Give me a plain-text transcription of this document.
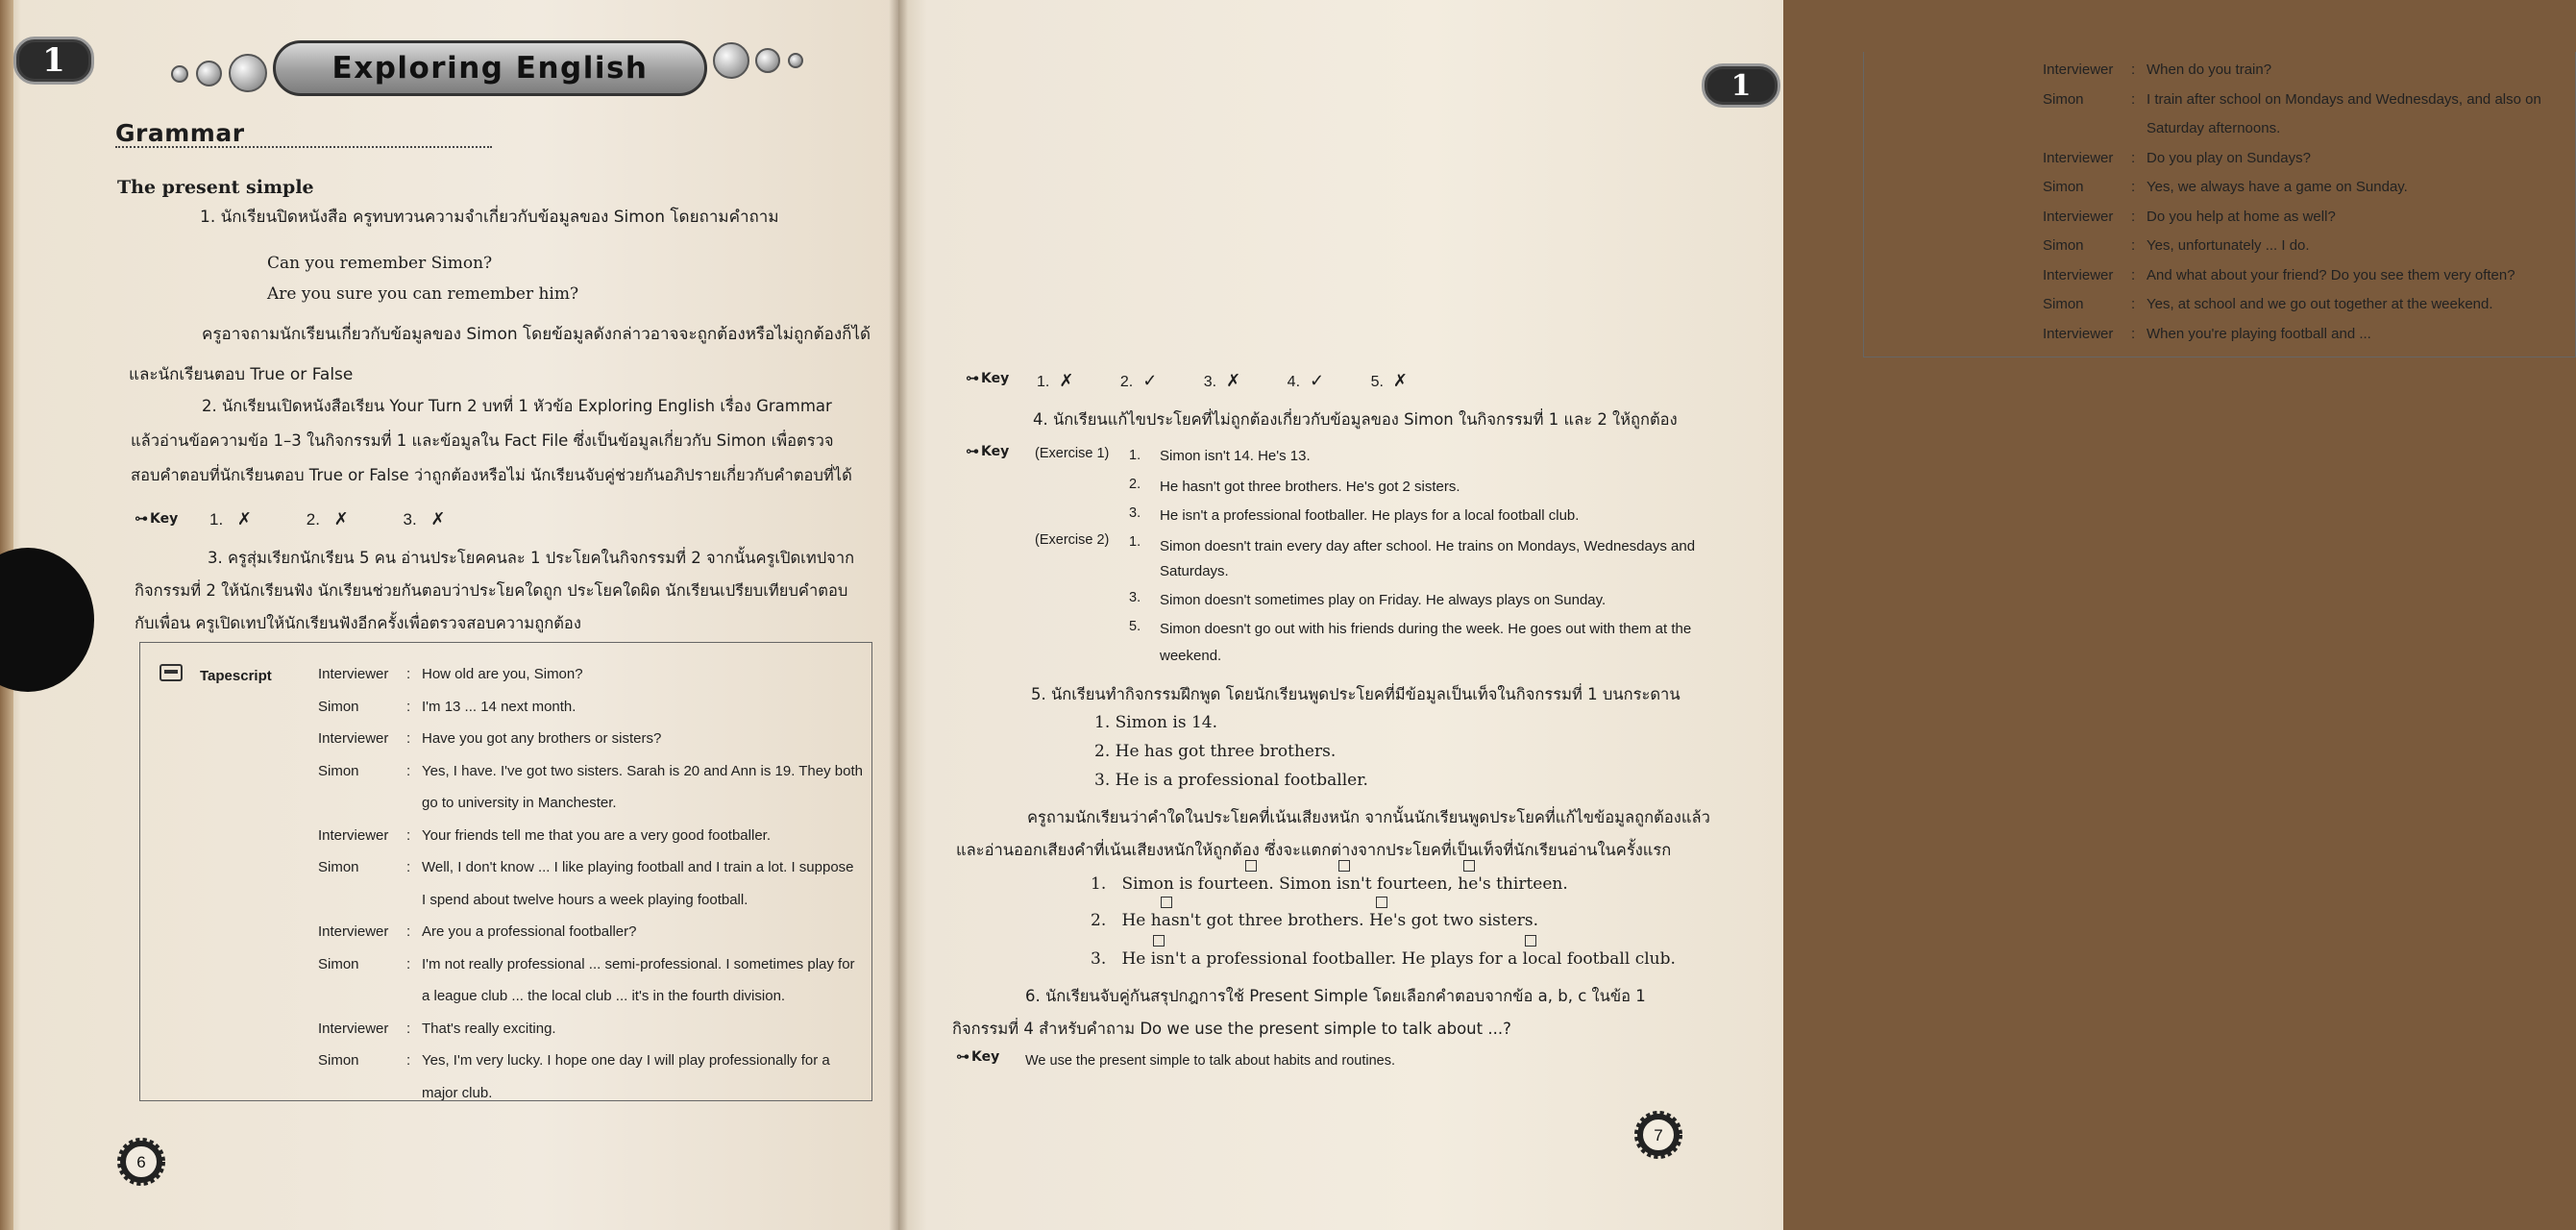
1	Exploring English
Grammar
The present simple
1. นักเรียนปิดหนังสือ ครูทบทวนความจำเกี่ยวกับข้อมูลของ Simon โดยถามคำถาม
Can you remember Simon?
Are you sure you can remember him?
ครูอาจถามนักเรียนเกี่ยวกับข้อมูลของ Simon โดยข้อมูลดังกล่าวอาจจะถูกต้องหรือไม่ถูกต้องก็ได้
และนักเรียนตอบ True or False
2. นักเรียนเปิดหนังสือเรียน Your Turn 2 บทที่ 1 หัวข้อ Exploring English เรื่อง Grammar
แล้วอ่านข้อความข้อ 1–3 ในกิจกรรมที่ 1 และข้อมูลใน Fact File ซึ่งเป็นข้อมูลเกี่ยวกับ Simon เพื่อตรวจ
สอบคำตอบที่นักเรียนตอบ True or False ว่าถูกต้องหรือไม่ นักเรียนจับคู่ช่วยกันอภิปรายเกี่ยวกับคำตอบที่ได้
⊶ Key 1. ✗	2. ✗	3. ✗
3. ครูสุ่มเรียกนักเรียน 5 คน อ่านประโยคคนละ 1 ประโยคในกิจกรรมที่ 2 จากนั้นครูเปิดเทปจาก
กิจกรรมที่ 2 ให้นักเรียนฟัง นักเรียนช่วยกันตอบว่าประโยคใดถูก ประโยคใดผิด นักเรียนเปรียบเทียบคำตอบ
กับเพื่อน ครูเปิดเทปให้นักเรียนฟังอีกครั้งเพื่อตรวจสอบความถูกต้อง
Tapescript	Interviewer	: How old are you, Simon?
Simon	: I'm 13 ... 14 next month.
Interviewer	: Have you got any brothers or sisters?
Simon	: Yes, I have. I've got two sisters. Sarah is 20 and Ann is 19. They both
go to university in Manchester.
Interviewer	: Your friends tell me that you are a very good footballer.
Simon	: Well, I don't know ... I like playing football and I train a lot. I suppose
I spend about twelve hours a week playing football.
Interviewer	: Are you a professional footballer?
Simon	: I'm not really professional ... semi-professional. I sometimes play for
a league club ... the local club ... it's in the fourth division.
Interviewer	: That's really exciting.
Simon	: Yes, I'm very lucky. I hope one day I will play professionally for a
major club.
6
Interviewer	: When do you train?
Simon	: I train after school on Mondays and Wednesdays, and also on
Saturday afternoons.
Interviewer	: Do you play on Sundays?
Simon	: Yes, we always have a game on Sunday.
Interviewer	: Do you help at home as well?
Simon	: Yes, unfortunately ... I do.
Interviewer	: And what about your friend? Do you see them very often?
Simon	: Yes, at school and we go out together at the weekend.
Interviewer	: When you're playing football and ...
1
⊶ Key 1. ✗	2. ✓	3. ✗	4. ✓	5. ✗
4. นักเรียนแก้ไขประโยคที่ไม่ถูกต้องเกี่ยวกับข้อมูลของ Simon ในกิจกรรมที่ 1 และ 2 ให้ถูกต้อง
⊶ Key (Exercise 1) 1. Simon isn't 14. He's 13.
2. He hasn't got three brothers. He's got 2 sisters.
3. He isn't a professional footballer. He plays for a local football club.
(Exercise 2) 1. Simon doesn't train every day after school. He trains on Mondays, Wednesdays and
Saturdays.
3. Simon doesn't sometimes play on Friday. He always plays on Sunday.
5. Simon doesn't go out with his friends during the week. He goes out with them at the
weekend.
5. นักเรียนทำกิจกรรมฝึกพูด โดยนักเรียนพูดประโยคที่มีข้อมูลเป็นเท็จในกิจกรรมที่ 1 บนกระดาน
1. Simon is 14.
2. He has got three brothers.
3. He is a professional footballer.
ครูถามนักเรียนว่าคำใดในประโยคที่เน้นเสียงหนัก จากนั้นนักเรียนพูดประโยคที่แก้ไขข้อมูลถูกต้องแล้ว
และอ่านออกเสียงคำที่เน้นเสียงหนักให้ถูกต้อง ซึ่งจะแตกต่างจากประโยคที่เป็นเท็จที่นักเรียนอ่านในครั้งแรก
1. Simon is fourteen. Simon isn't fourteen, he's thirteen.
2. He hasn't got three brothers. He's got two sisters.
3. He isn't a professional footballer. He plays for a local football club.
6. นักเรียนจับคู่กันสรุปกฎการใช้ Present Simple โดยเลือกคำตอบจากข้อ a, b, c ในข้อ 1
กิจกรรมที่ 4 สำหรับคำถาม Do we use the present simple to talk about ...?
⊶ Key We use the present simple to talk about habits and routines.
7
